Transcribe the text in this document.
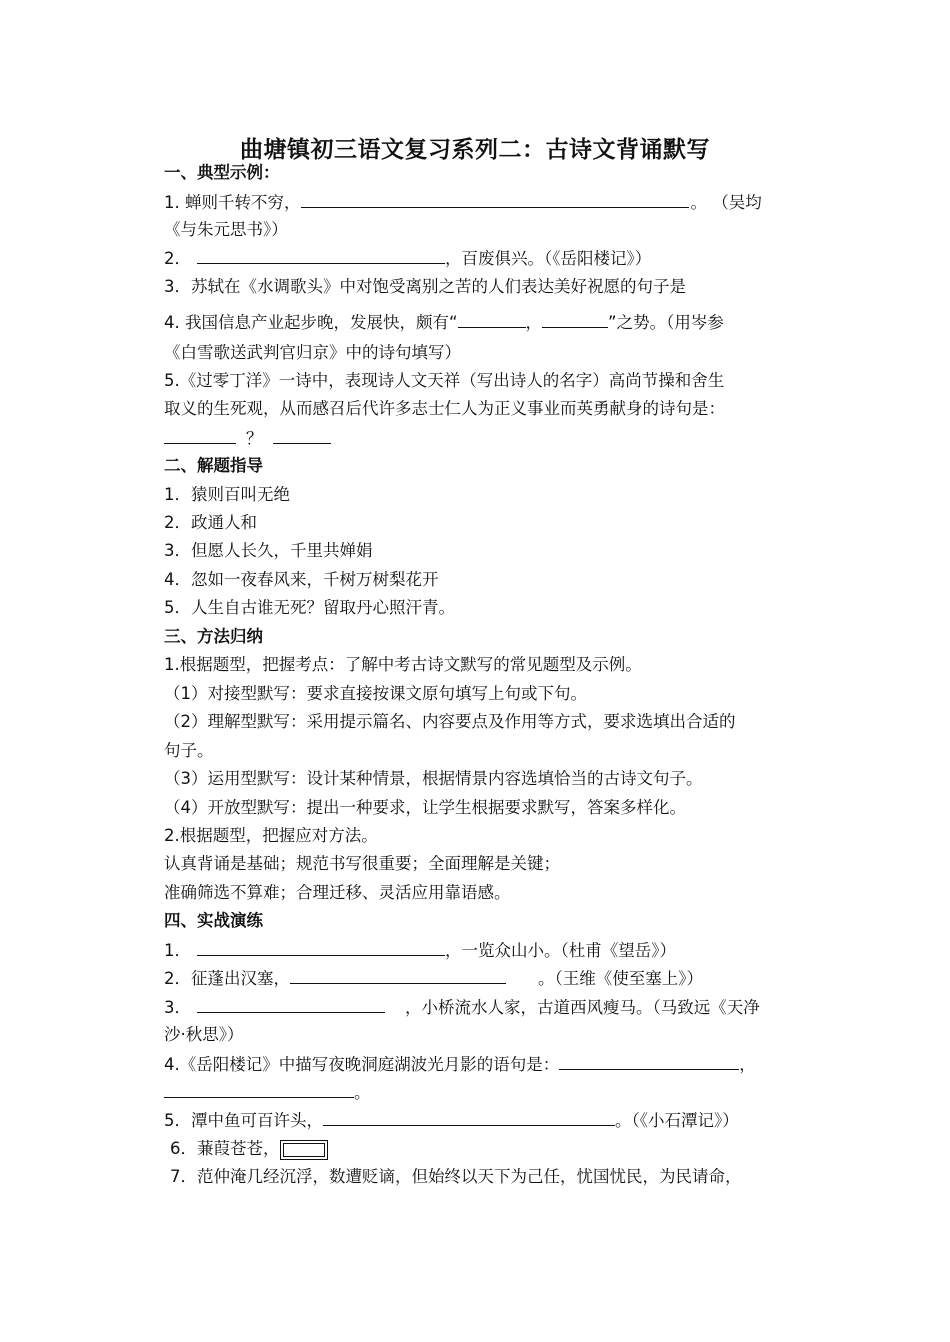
曲塘镇初三语文复习系列二：古诗文背诵默写
一、典型示例：
1. 蝉则千转不穷，	。 （吴均
《与朱元思书》）
2．	，百废俱兴。（《岳阳楼记》）
3．苏轼在《水调歌头》中对饱受离别之苦的人们表达美好祝愿的句子是
4. 我国信息产业起步晚，发展快，颇有“	，	”之势。（用岑参
《白雪歌送武判官归京》中的诗句填写）
5.《过零丁洋》一诗中，表现诗人文天祥（写出诗人的名字）高尚节操和舍生
取义的生死观，从而感召后代许多志士仁人为正义事业而英勇献身的诗句是：
？
二、解题指导
1．猿则百叫无绝
2．政通人和
3．但愿人长久，千里共婵娟
4．忽如一夜春风来，千树万树梨花开
5．人生自古谁无死？留取丹心照汗青。
三、方法归纳
1.根据题型，把握考点：了解中考古诗文默写的常见题型及示例。
（1）对接型默写：要求直接按课文原句填写上句或下句。
（2）理解型默写：采用提示篇名、内容要点及作用等方式，要求选填出合适的
句子。
（3）运用型默写：设计某种情景，根据情景内容选填恰当的古诗文句子。
（4）开放型默写：提出一种要求，让学生根据要求默写，答案多样化。
2.根据题型，把握应对方法。
认真背诵是基础；规范书写很重要；全面理解是关键；
准确筛选不算难；合理迁移、灵活应用靠语感。
四、实战演练
1．	，一览众山小。（杜甫《望岳》）
2．征蓬出汉塞，	。（王维《使至塞上》）
3．	，小桥流水人家，古道西风瘦马。（马致远《天净
沙·秋思》）
4.《岳阳楼记》中描写夜晚洞庭湖波光月影的语句是：	，
。
5．潭中鱼可百许头，	。（《小石潭记》）
6．蒹葭苍苍，
7．范仲淹几经沉浮，数遭贬谪，但始终以天下为己任，忧国忧民，为民请命，
